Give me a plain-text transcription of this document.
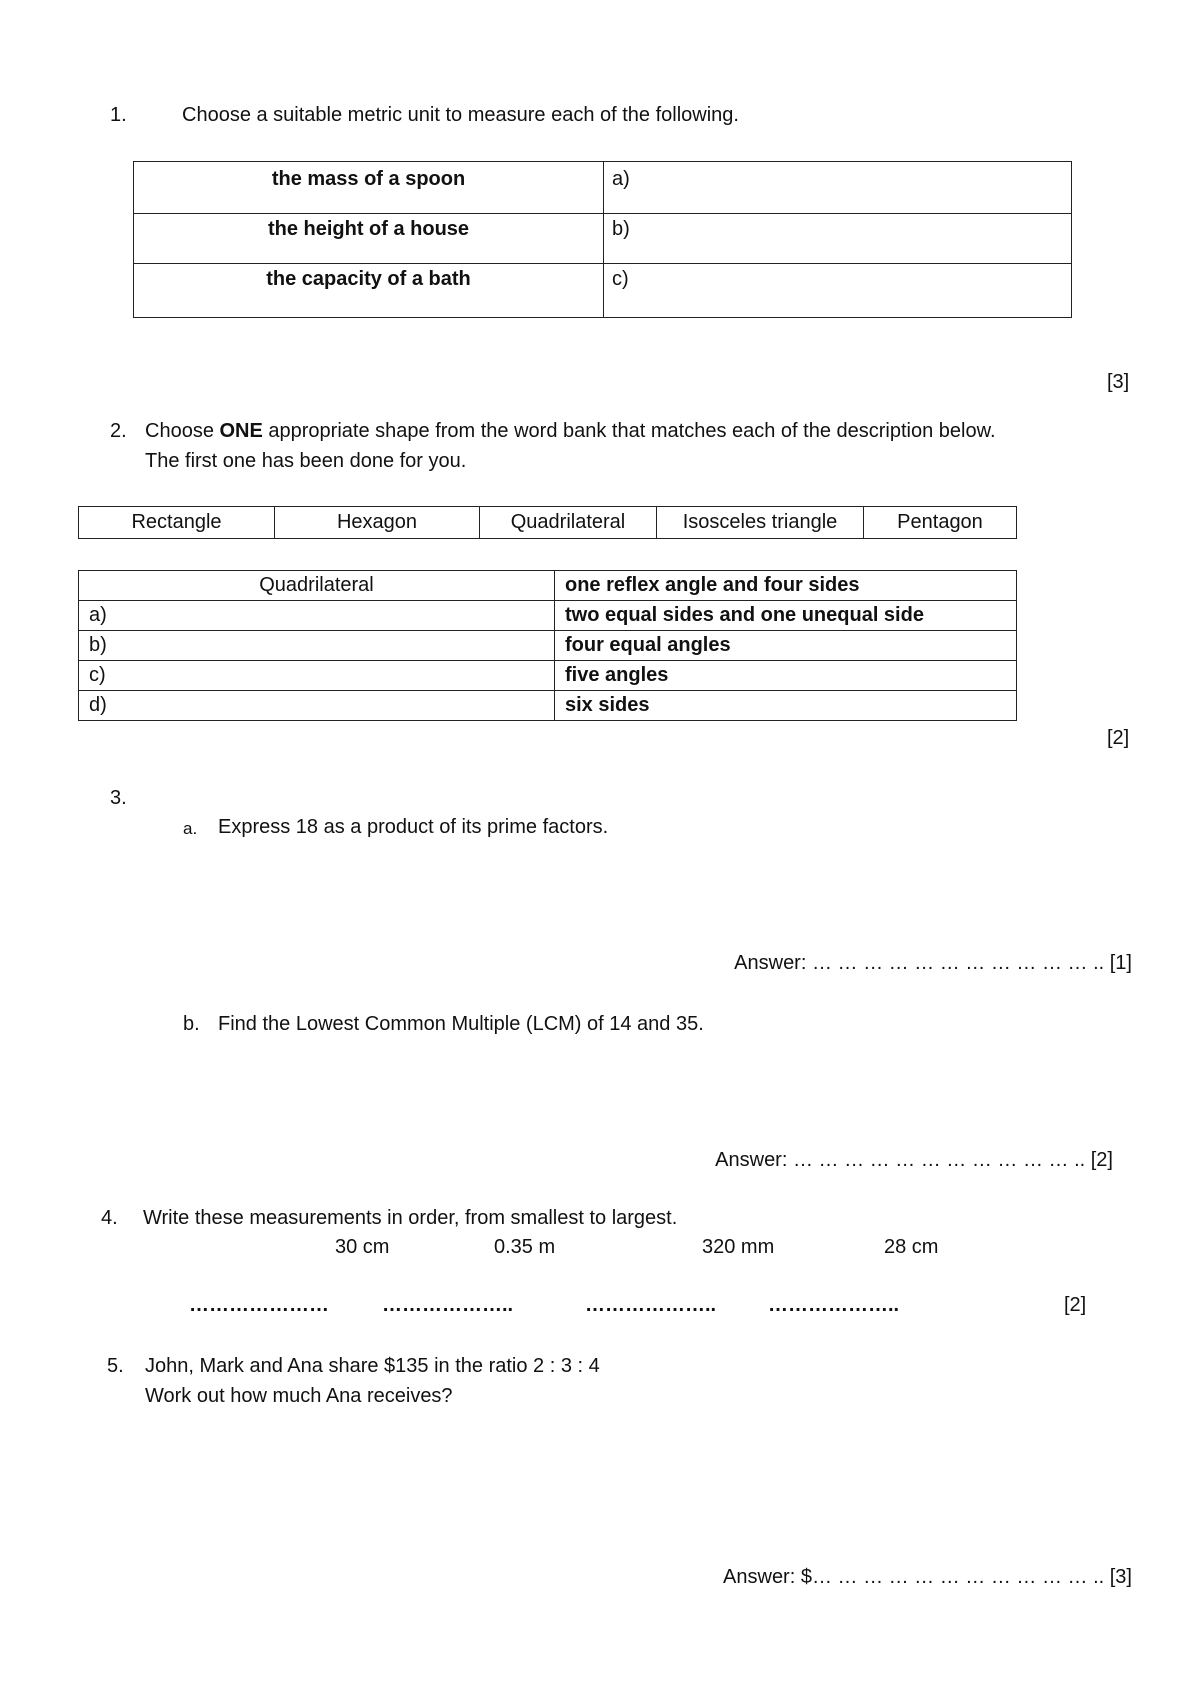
1.	Choose a suitable metric unit to measure each of the following.
the mass of a spoon	a)

the height of a house	b)

the capacity of a bath	c)
[3]
2. Choose ONE appropriate shape from the word bank that matches each of the description below.
The first one has been done for you.
Rectangle	Hexagon	Quadrilateral	Isosceles triangle	Pentagon
Quadrilateral	one reflex angle and four sides
a)	two equal sides and one unequal side
b)	four equal angles
c)	five angles
d)	six sides
[2]
3.
a. Express 18 as a product of its prime factors.
Answer: … … … … … … … … … … … .. [1]
b. Find the Lowest Common Multiple (LCM) of 14 and 35.
Answer: … … … … … … … … … … … .. [2]
4. Write these measurements in order, from smallest to largest.
30 cm	0.35 m	320 mm	28 cm
…………………	………………..	………………..	………………..	[2]
5. John, Mark and Ana share $135 in the ratio 2 : 3 : 4
Work out how much Ana receives?
Answer: $… … … … … … … … … … … .. [3]
